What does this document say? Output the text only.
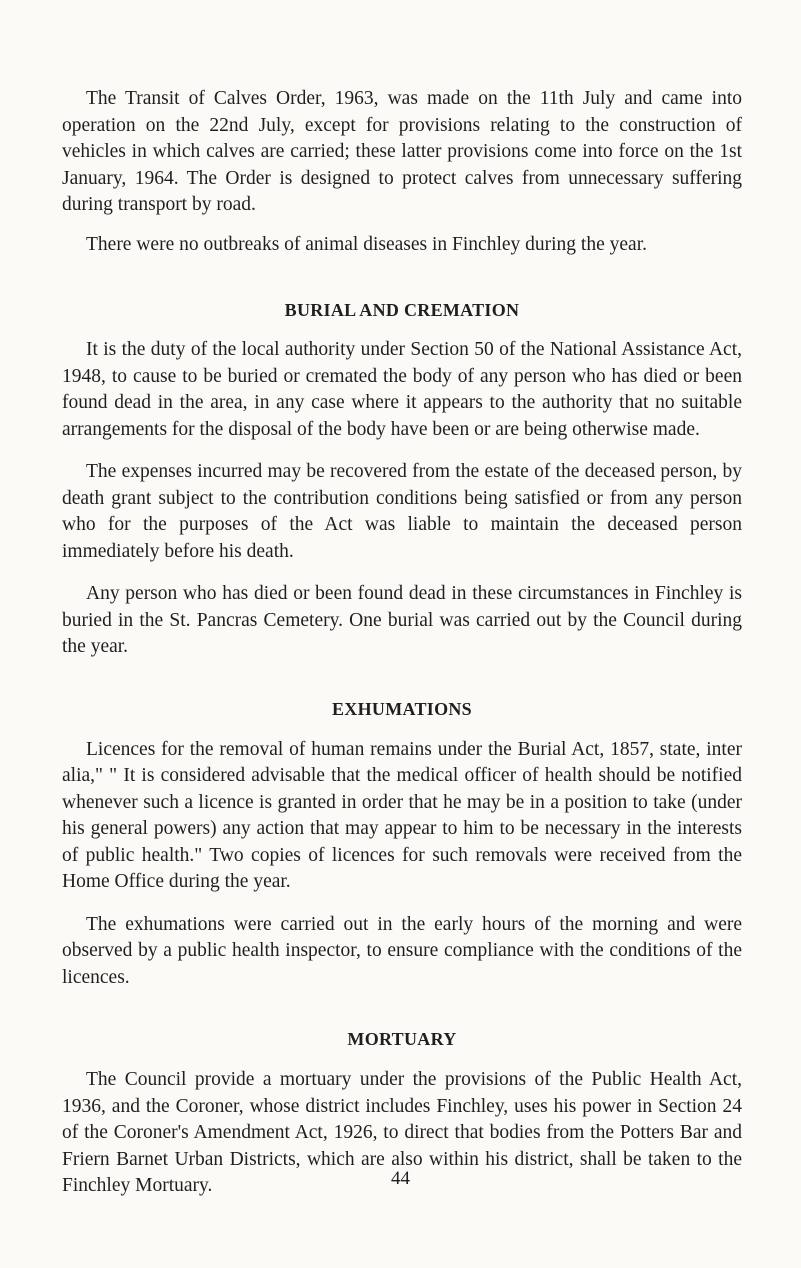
The Transit of Calves Order, 1963, was made on the 11th July and came into operation on the 22nd July, except for provisions relating to the construction of vehicles in which calves are carried; these latter provisions come into force on the 1st January, 1964. The Order is designed to protect calves from unnecessary suffering during transport by road.

There were no outbreaks of animal diseases in Finchley during the year.

BURIAL AND CREMATION

It is the duty of the local authority under Section 50 of the National Assistance Act, 1948, to cause to be buried or cremated the body of any person who has died or been found dead in the area, in any case where it appears to the authority that no suitable arrangements for the disposal of the body have been or are being otherwise made.

The expenses incurred may be recovered from the estate of the deceased person, by death grant subject to the contribution conditions being satisfied or from any person who for the purposes of the Act was liable to maintain the deceased person immediately before his death.

Any person who has died or been found dead in these circumstances in Finchley is buried in the St. Pancras Cemetery. One burial was carried out by the Council during the year.

EXHUMATIONS

Licences for the removal of human remains under the Burial Act, 1857, state, inter alia," " It is considered advisable that the medical officer of health should be notified whenever such a licence is granted in order that he may be in a position to take (under his general powers) any action that may appear to him to be necessary in the interests of public health." Two copies of licences for such removals were received from the Home Office during the year.

The exhumations were carried out in the early hours of the morning and were observed by a public health inspector, to ensure compliance with the conditions of the licences.

MORTUARY

The Council provide a mortuary under the provisions of the Public Health Act, 1936, and the Coroner, whose district includes Finchley, uses his power in Section 24 of the Coroner's Amendment Act, 1926, to direct that bodies from the Potters Bar and Friern Barnet Urban Districts, which are also within his district, shall be taken to the Finchley Mortuary.	44
